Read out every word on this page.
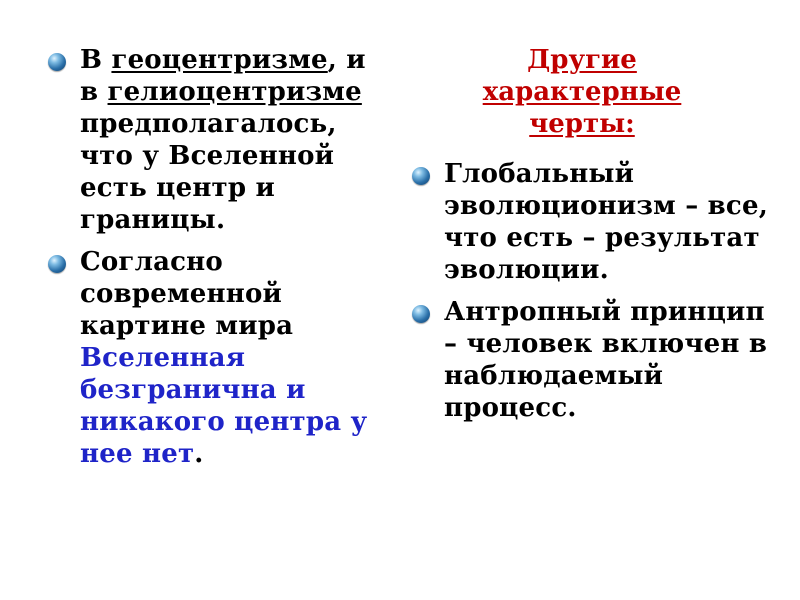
В геоцентризме, и в гелиоцентризме предполагалось, что у Вселенной есть центр и границы.
Согласно современной картине мира Вселенная безгранична и никакого центра у нее нет.
Другие
характерные
черты:
Глобальный эволюционизм – все, что есть – результат эволюции.
Антропный принцип – человек включен в наблюдаемый процесс.
